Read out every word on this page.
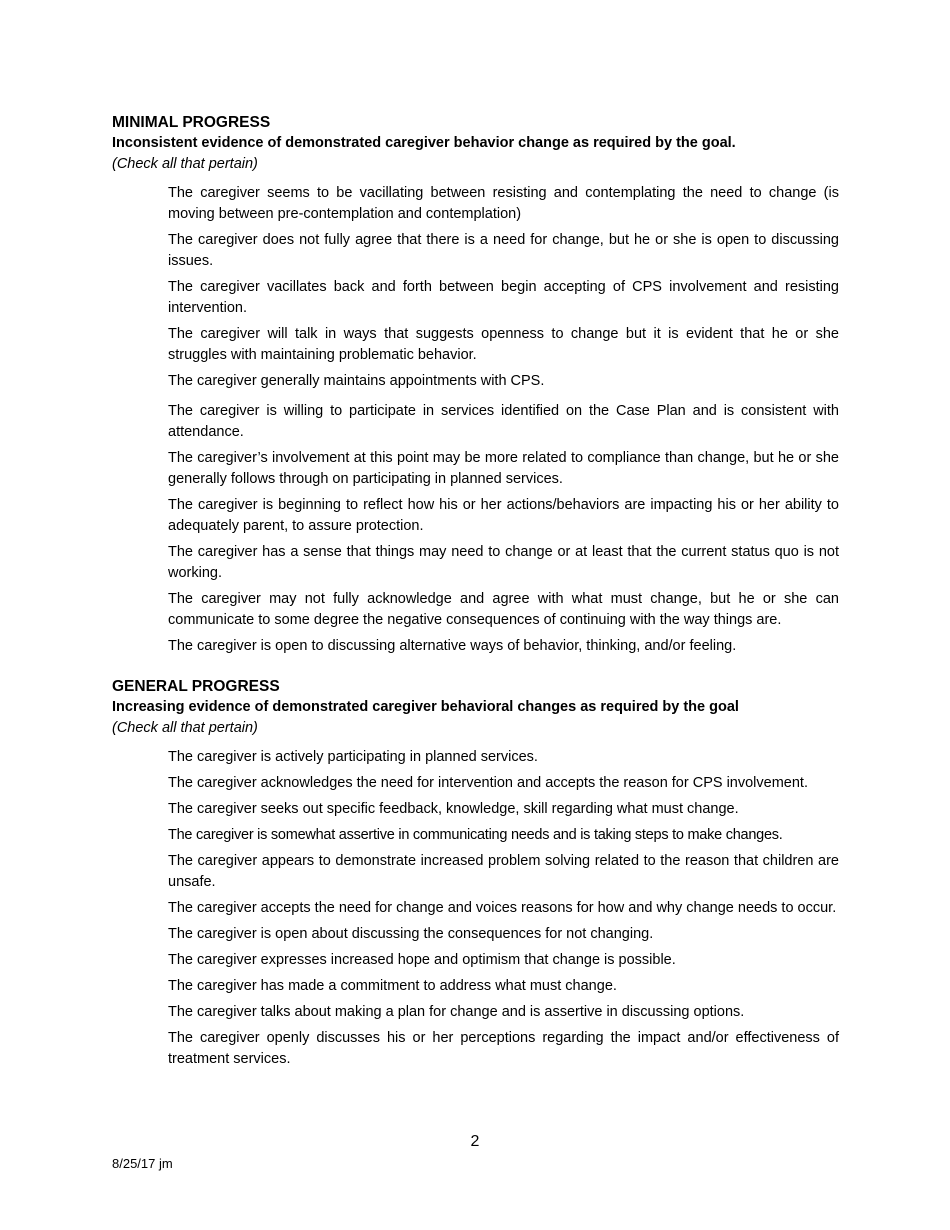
MINIMAL PROGRESS

Inconsistent evidence of demonstrated caregiver behavior change as required by the goal.

(Check all that pertain)

The caregiver seems to be vacillating between resisting and contemplating the need to change (is moving between pre-contemplation and contemplation)
The caregiver does not fully agree that there is a need for change, but he or she is open to discussing issues.
The caregiver vacillates back and forth between begin accepting of CPS involvement and resisting intervention.
The caregiver will talk in ways that suggests openness to change but it is evident that he or she struggles with maintaining problematic behavior.
The caregiver generally maintains appointments with CPS.
The caregiver is willing to participate in services identified on the Case Plan and is consistent with attendance.
The caregiver’s involvement at this point may be more related to compliance than change, but he or she generally follows through on participating in planned services.
The caregiver is beginning to reflect how his or her actions/behaviors are impacting his or her ability to adequately parent, to assure protection.
The caregiver has a sense that things may need to change or at least that the current status quo is not working.
The caregiver may not fully acknowledge and agree with what must change, but he or she can communicate to some degree the negative consequences of continuing with the way things are.
The caregiver is open to discussing alternative ways of behavior, thinking, and/or feeling.

GENERAL PROGRESS

Increasing evidence of demonstrated caregiver behavioral changes as required by the goal

(Check all that pertain)

The caregiver is actively participating in planned services.
The caregiver acknowledges the need for intervention and accepts the reason for CPS involvement.
The caregiver seeks out specific feedback, knowledge, skill regarding what must change.
The caregiver is somewhat assertive in communicating needs and is taking steps to make changes.
The caregiver appears to demonstrate increased problem solving related to the reason that children are unsafe.
The caregiver accepts the need for change and voices reasons for how and why change needs to occur.
The caregiver is open about discussing the consequences for not changing.
The caregiver expresses increased hope and optimism that change is possible.
The caregiver has made a commitment to address what must change.
The caregiver talks about making a plan for change and is assertive in discussing options.
The caregiver openly discusses his or her perceptions regarding the impact and/or effectiveness of treatment services.
2
8/25/17 jm
